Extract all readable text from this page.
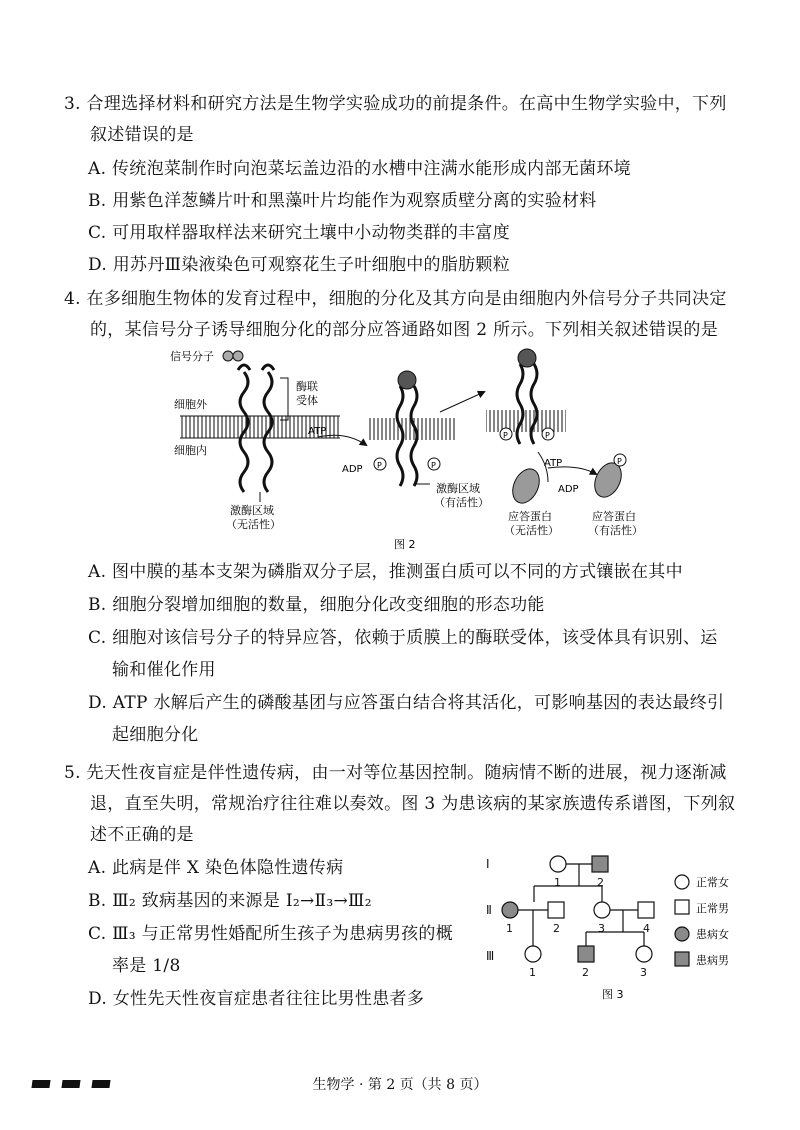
3. 合理选择材料和研究方法是生物学实验成功的前提条件。在高中生物学实验中，下列
叙述错误的是
A. 传统泡菜制作时向泡菜坛盖边沿的水槽中注满水能形成内部无菌环境
B. 用紫色洋葱鳞片叶和黑藻叶片均能作为观察质壁分离的实验材料
C. 可用取样器取样法来研究土壤中小动物类群的丰富度
D. 用苏丹Ⅲ染液染色可观察花生子叶细胞中的脂肪颗粒
4. 在多细胞生物体的发育过程中，细胞的分化及其方向是由细胞内外信号分子共同决定
的，某信号分子诱导细胞分化的部分应答通路如图 2 所示。下列相关叙述错误的是
信号分子
酶联
受体
细胞外
细胞内
激酶区域
（无活性）
ATP
ADP P	P
激酶区域
（有活性）
P	P
ATP
ADP
P
应答蛋白
（无活性）
应答蛋白
（有活性）
图 2
A. 图中膜的基本支架为磷脂双分子层，推测蛋白质可以不同的方式镶嵌在其中
B. 细胞分裂增加细胞的数量，细胞分化改变细胞的形态功能
C. 细胞对该信号分子的特异应答，依赖于质膜上的酶联受体，该受体具有识别、运
输和催化作用
D. ATP 水解后产生的磷酸基团与应答蛋白结合将其活化，可影响基因的表达最终引
起细胞分化
5. 先天性夜盲症是伴性遗传病，由一对等位基因控制。随病情不断的进展，视力逐渐减
退，直至失明，常规治疗往往难以奏效。图 3 为患该病的某家族遗传系谱图，下列叙
述不正确的是
A. 此病是伴 X 染色体隐性遗传病
B. Ⅲ₂ 致病基因的来源是 Ⅰ₂→Ⅱ₃→Ⅲ₂
C. Ⅲ₃ 与正常男性婚配所生孩子为患病男孩的概
率是 1/8
D. 女性先天性夜盲症患者往往比男性患者多
Ⅰ
Ⅱ
Ⅲ
1	2
1	2	3	4
1	2	3
正常女
正常男
患病女
患病男
图 3
生物学 · 第 2 页（共 8 页）
